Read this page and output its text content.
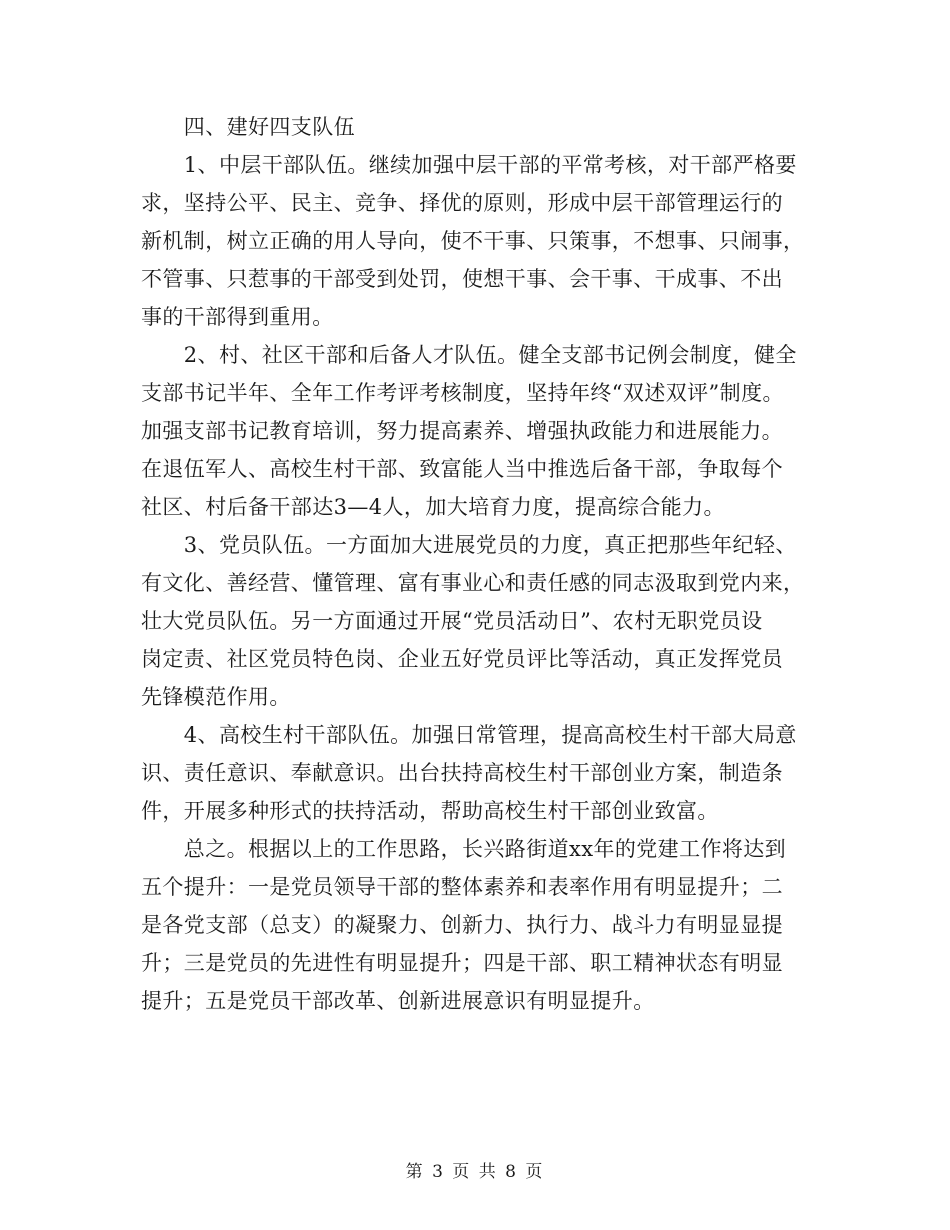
　　四、建好四支队伍
　　1、中层干部队伍。继续加强中层干部的平常考核，对干部严格要
求，坚持公平、民主、竞争、择优的原则，形成中层干部管理运行的
新机制，树立正确的用人导向，使不干事、只策事，不想事、只闹事，
不管事、只惹事的干部受到处罚，使想干事、会干事、干成事、不出
事的干部得到重用。
　　2、村、社区干部和后备人才队伍。健全支部书记例会制度，健全
支部书记半年、全年工作考评考核制度，坚持年终“双述双评”制度。
加强支部书记教育培训，努力提高素养、增强执政能力和进展能力。
在退伍军人、高校生村干部、致富能人当中推选后备干部，争取每个
社区、村后备干部达3—4人，加大培育力度，提高综合能力。
　　3、党员队伍。一方面加大进展党员的力度，真正把那些年纪轻、
有文化、善经营、懂管理、富有事业心和责任感的同志汲取到党内来，
壮大党员队伍。另一方面通过开展“党员活动日”、农村无职党员设
岗定责、社区党员特色岗、企业五好党员评比等活动，真正发挥党员
先锋模范作用。
　　4、高校生村干部队伍。加强日常管理，提高高校生村干部大局意
识、责任意识、奉献意识。出台扶持高校生村干部创业方案，制造条
件，开展多种形式的扶持活动，帮助高校生村干部创业致富。
　　总之。根据以上的工作思路，长兴路街道xx年的党建工作将达到
五个提升：一是党员领导干部的整体素养和表率作用有明显提升；二
是各党支部（总支）的凝聚力、创新力、执行力、战斗力有明显显提
升；三是党员的先进性有明显提升；四是干部、职工精神状态有明显
提升；五是党员干部改革、创新进展意识有明显提升。
第 3 页 共 8 页
